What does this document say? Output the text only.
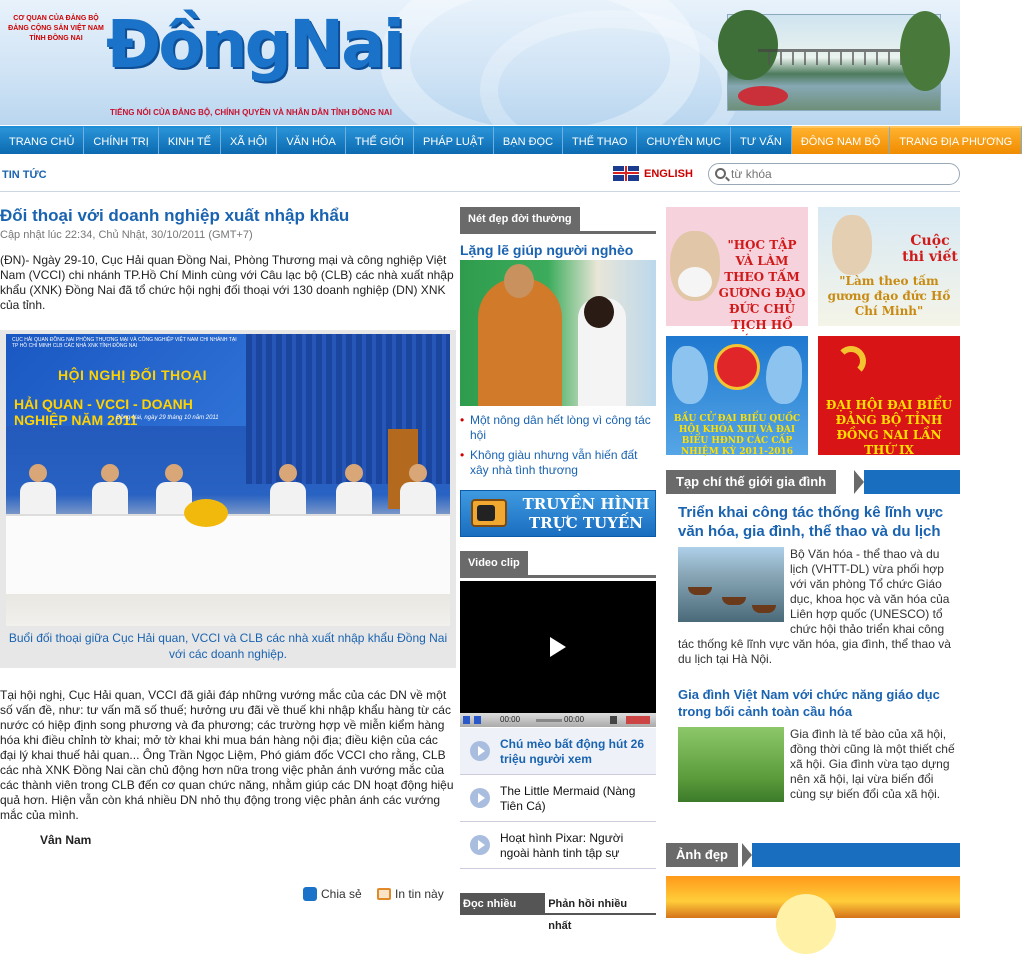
CƠ QUAN CỦA ĐẢNG BỘ ĐẢNG CỘNG SẢN VIỆT NAM TỈNH ĐỒNG NAI ĐồngNai
TIẾNG NÓI CỦA ĐẢNG BỘ, CHÍNH QUYỀN VÀ NHÂN DÂN TỈNH ĐỒNG NAI
TRANG CHỦ	CHÍNH TRỊ	KINH TẾ	XÃ HỘI	VĂN HÓA	THẾ GIỚI	PHÁP LUẬT	BẠN ĐỌC	THỂ THAO	CHUYÊN MỤC	TƯ VẤN	ĐÔNG NAM BỘ	TRANG ĐỊA PHƯƠNG
TIN TỨC	ENGLISH
từ khóa
Đối thoại với doanh nghiệp xuất nhập khẩu
Cập nhật lúc 22:34, Chủ Nhật, 30/10/2011 (GMT+7)
(ĐN)- Ngày 29-10, Cục Hải quan Đồng Nai, Phòng Thương mại và công nghiệp Việt Nam (VCCI) chi nhánh TP.Hồ Chí Minh cùng với Câu lạc bộ (CLB) các nhà xuất nhập khẩu (XNK) Đồng Nai đã tổ chức hội nghị đối thoại với 130 doanh nghiệp (DN) XNK của tỉnh.
CỤC HẢI QUAN ĐỒNG NAI PHÒNG THƯƠNG MẠI VÀ CÔNG NGHIỆP VIỆT NAM CHI NHÁNH TẠI TP HỒ CHÍ MINH CLB CÁC NHÀ XNK TỈNH ĐỒNG NAI
HỘI NGHỊ ĐỐI THOẠI
HẢI QUAN - VCCI - DOANH NGHIỆP NĂM 2011
Đồng Nai, ngày 29 tháng 10 năm 2011
Buổi đối thoại giữa Cục Hải quan, VCCI và CLB các nhà xuất nhập khẩu Đồng Nai với các doanh nghiệp.
Tại hội nghị, Cục Hải quan, VCCI đã giải đáp những vướng mắc của các DN về một số vấn đề, như: tư vấn mã số thuế; hưởng ưu đãi về thuế khi nhập khẩu hàng từ các nước có hiệp định song phương và đa phương; các trường hợp về miễn kiểm hàng hóa khi điều chỉnh tờ khai; mở tờ khai khi mua bán hàng nội địa; điều kiện của các đại lý khai thuế hải quan... Ông Trần Ngọc Liệm, Phó giám đốc VCCI cho rằng, CLB các nhà XNK Đồng Nai cần chủ động hơn nữa trong việc phản ánh vướng mắc của các thành viên trong CLB đến cơ quan chức năng, nhằm giúp các DN hoạt động hiệu quả hơn. Hiện vẫn còn khá nhiều DN nhỏ thụ động trong việc phản ánh các vướng mắc của mình.
Vân Nam
Chia sẻ	In tin này
Nét đẹp đời thường
Lặng lẽ giúp người nghèo
• Một nông dân hết lòng vì công tác hội
• Không giàu nhưng vẫn hiến đất xây nhà tình thương
TRUYỀN HÌNH TRỰC TUYẾN
Video clip
00:00	00:00
Chú mèo bất động hút 26 triệu người xem
The Little Mermaid (Nàng Tiên Cá)
Hoạt hình Pixar: Người ngoài hành tinh tập sự
Đọc nhiều nhất
Phản hồi nhiều nhất
"HỌC TẬP VÀ LÀM THEO TẤM GƯƠNG ĐẠO ĐỨC CHỦ TỊCH HỒ
Cuộc thi viết
"Làm theo tấm gương đạo đức Hồ Chí Minh"
BẦU CỬ ĐẠI BIỂU QUỐC HỘI KHÓA XIII VÀ ĐẠI BIỂU HĐND CÁC CẤP NHIỆM KỲ 2011-2016
ĐẠI HỘI ĐẠI BIỂU ĐẢNG BỘ TỈNH ĐỒNG NAI LẦN THỨ IX
Tạp chí thế giới gia đình
Triển khai công tác thống kê lĩnh vực văn hóa, gia đình, thể thao và du lịch
Bộ Văn hóa - thể thao và du lịch (VHTT-DL) vừa phối hợp với văn phòng Tổ chức Giáo dục, khoa học và văn hóa của Liên hợp quốc (UNESCO) tổ chức hội thảo triển khai công tác thống kê lĩnh vực văn hóa, gia đình, thể thao và du lịch tại Hà Nội.
Gia đình Việt Nam với chức năng giáo dục trong bối cảnh toàn cầu hóa
Gia đình là tế bào của xã hội, đồng thời cũng là một thiết chế xã hội. Gia đình vừa tạo dựng nên xã hội, lại vừa biến đổi cùng sự biến đổi của xã hội.
Ảnh đẹp
